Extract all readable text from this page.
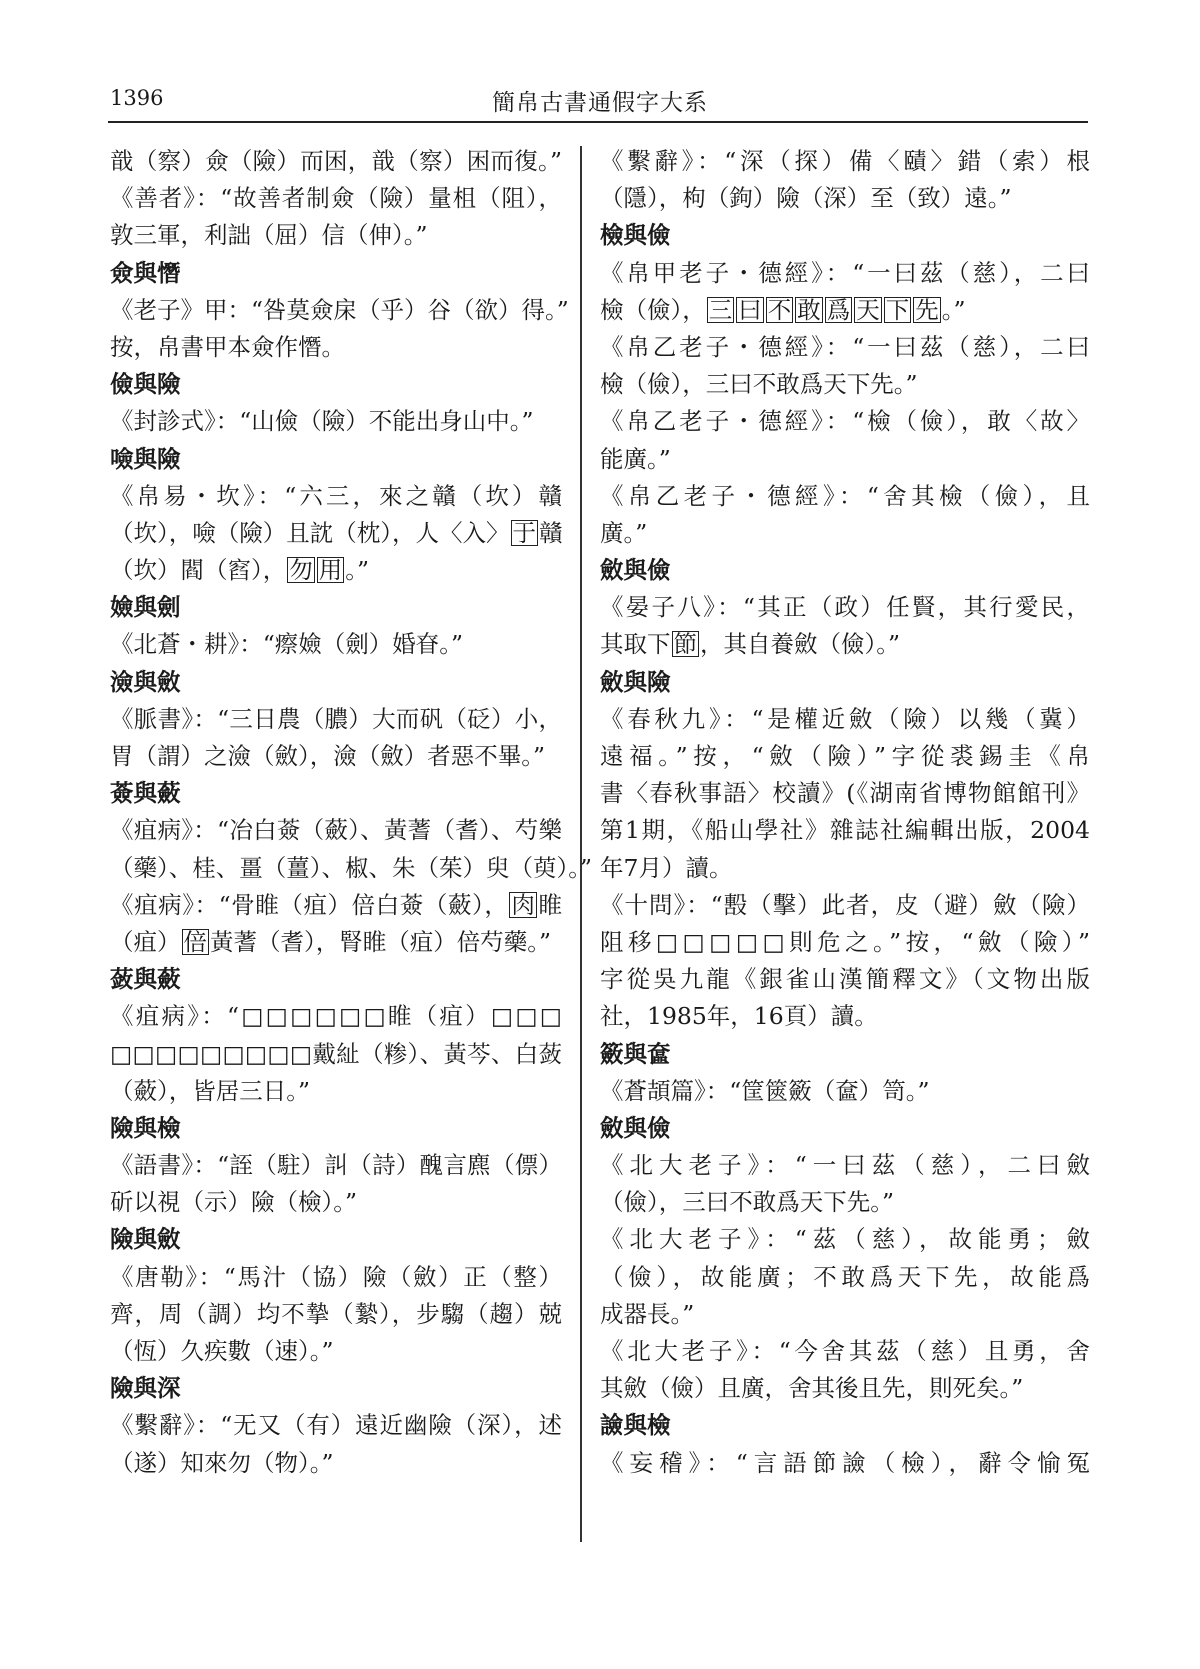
1396	簡帛古書通假字大系
戠（察）僉（險）而困，戠（察）困而復。”
《善者》：“故善者制僉（險）量柤（阻），
敦三軍，利詘（屈）信（伸）。”
僉與憯
《老子》甲：“咎莫僉㦿（乎）谷（欲）得。”
按，帛書甲本僉作憯。
儉與險
《封診式》：“山儉（險）不能出身山中。”
噞與險
《帛易・坎》：“六三，來之贛（坎）贛
（坎），噞（險）且訦（枕），人〈入〉 于 贛
（坎）閻（窞）， 勿 用 。”
嬐與劍
《北蒼・耕》：“瘵嬐（劍）婚眘。”
澰與斂
《脈書》：“三日農（膿）大而矾（砭）小，
胃（謂）之澰（斂），澰（斂）者惡不畢。”
薟與蘞
《疽病》：“冶白薟（蘞）、黃蓍（耆）、芍樂
（藥）、桂、畺（薑）、椒、朱（茱）臾（萸）。”
《疽病》：“骨睢（疽）倍白薟（蘞）， 肉 睢
（疽） 倍 黃蓍（耆），腎睢（疽）倍芍藥。”
蔹與蘞
《疽病》：“□□□□□□睢（疽）□□□
□□□□□□□□□戴䊼（糁）、黃芩、白蔹
（蘞），皆居三日。”
險與檢
《語書》：“誈（駐）訆（詩）醜言麃（僄）
斫以視（示）險（檢）。”
險與斂
《唐勒》：“馬汁（協）險（斂）正（整）
齊，周（調）均不摯（縶），步騶（趨）兢
（恆）久疾數（速）。”
險與深
《繫辭》：“无又（有）遠近幽險（深），述
（遂）知來勿（物）。”
《繫辭》：“深（探）備〈賾〉錯（索）根
（隱），枸（鉤）險（深）至（致）遠。”
檢與儉
《帛甲老子・德經》：“一曰茲（慈），二曰
檢（儉）， 三 曰 不 敢 爲 天 下 先 。”
《帛乙老子・德經》：“一曰茲（慈），二曰
檢（儉），三曰不敢爲天下先。”
《帛乙老子・德經》：“檢（儉），敢〈故〉
能廣。”
《帛乙老子・德經》：“舍其檢（儉），且
廣。”
斂與儉
《晏子八》：“其正（政）任賢，其行愛民，
其取下 節 ，其自養斂（儉）。”
斂與險
《春秋九》：“是權近斂（險）以幾（冀）
遠福。”按，“斂（險）”字從裘錫圭《帛
書〈春秋事語〉校讀》(《湖南省博物館館刊》
第1期，《船山學社》雜誌社編輯出版，2004
年7月）讀。
《十問》：“毄（擊）此者，皮（避）斂（險）
阻移□□□□□則危之。”按，“斂（險）”
字從吳九龍《銀雀山漢簡釋文》（文物出版
社，1985年，16頁）讀。
籢與奩
《蒼頡篇》：“筐篋籢（奩）笥。”
斂與儉
《北大老子》：“一曰茲（慈），二曰斂
（儉），三曰不敢爲天下先。”
《北大老子》：“茲（慈），故能勇；斂
（儉），故能廣；不敢爲天下先，故能爲
成器長。”
《北大老子》：“今舍其茲（慈）且勇，舍
其斂（儉）且廣，舍其後且先，則死矣。”
譣與檢
《妄稽》：“言語節譣（檢），辭令愉冤
